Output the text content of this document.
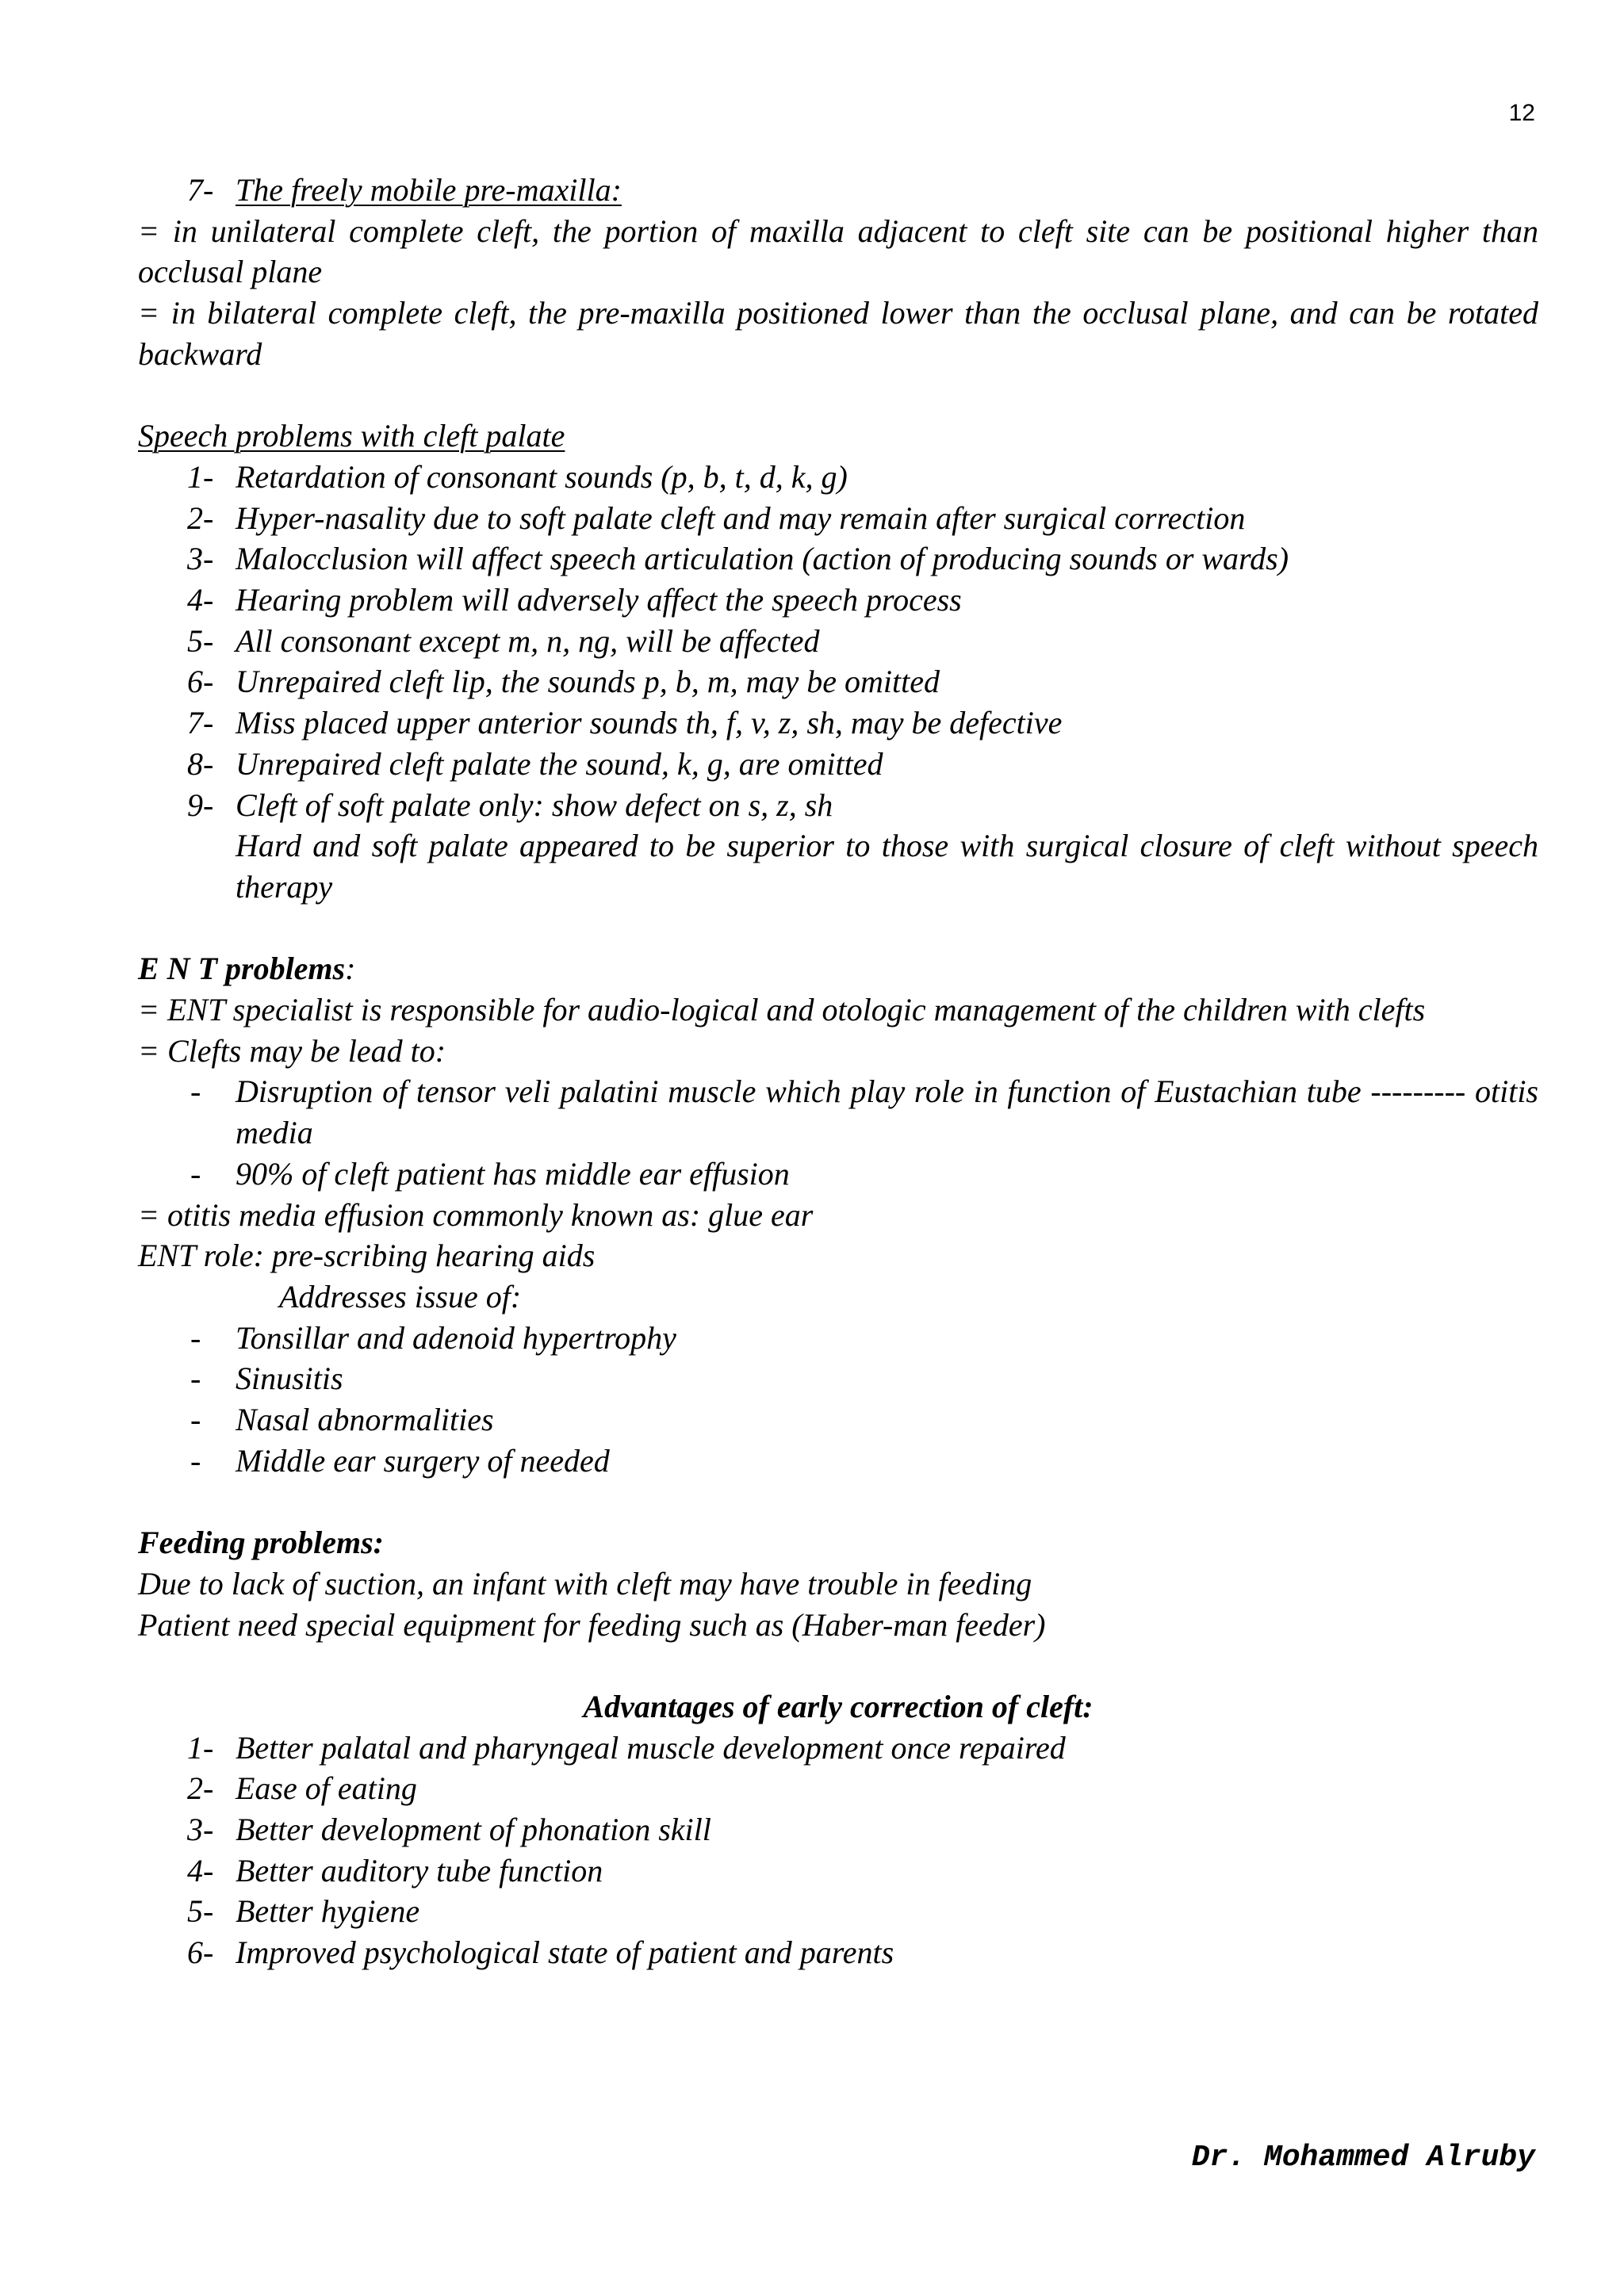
12
7- The freely mobile pre-maxilla:
= in unilateral complete cleft, the portion of maxilla adjacent to cleft site can be positional higher than occlusal plane
= in bilateral complete cleft, the pre-maxilla positioned lower than the occlusal plane, and can be rotated backward
Speech problems with cleft palate
1- Retardation of consonant sounds (p, b, t, d, k, g)
2- Hyper-nasality due to soft palate cleft and may remain after surgical correction
3- Malocclusion will affect speech articulation (action of producing sounds or wards)
4- Hearing problem will adversely affect the speech process
5- All consonant except m, n, ng, will be affected
6- Unrepaired cleft lip, the sounds p, b, m, may be omitted
7- Miss placed upper anterior sounds th, f, v, z, sh, may be defective
8- Unrepaired cleft palate the sound, k, g, are omitted
9- Cleft of soft palate only: show defect on s, z, sh
Hard and soft palate appeared to be superior to those with surgical closure of cleft without speech therapy
E N T problems:
= ENT specialist is responsible for audio-logical and otologic management of the children with clefts
= Clefts may be lead to:
-	Disruption of tensor veli palatini muscle which play role in function of Eustachian tube --------- otitis media
-	90% of cleft patient has middle ear effusion
= otitis media effusion commonly known as: glue ear
ENT role: pre-scribing hearing aids
Addresses issue of:
-	Tonsillar and adenoid hypertrophy
-	Sinusitis
-	Nasal abnormalities
-	Middle ear surgery of needed
Feeding problems:
Due to lack of suction, an infant with cleft may have trouble in feeding
Patient need special equipment for feeding such as (Haber-man feeder)
Advantages of early correction of cleft:
1- Better palatal and pharyngeal muscle development once repaired
2- Ease of eating
3- Better development of phonation skill
4- Better auditory tube function
5- Better hygiene
6- Improved psychological state of patient and parents
Dr. Mohammed Alruby
